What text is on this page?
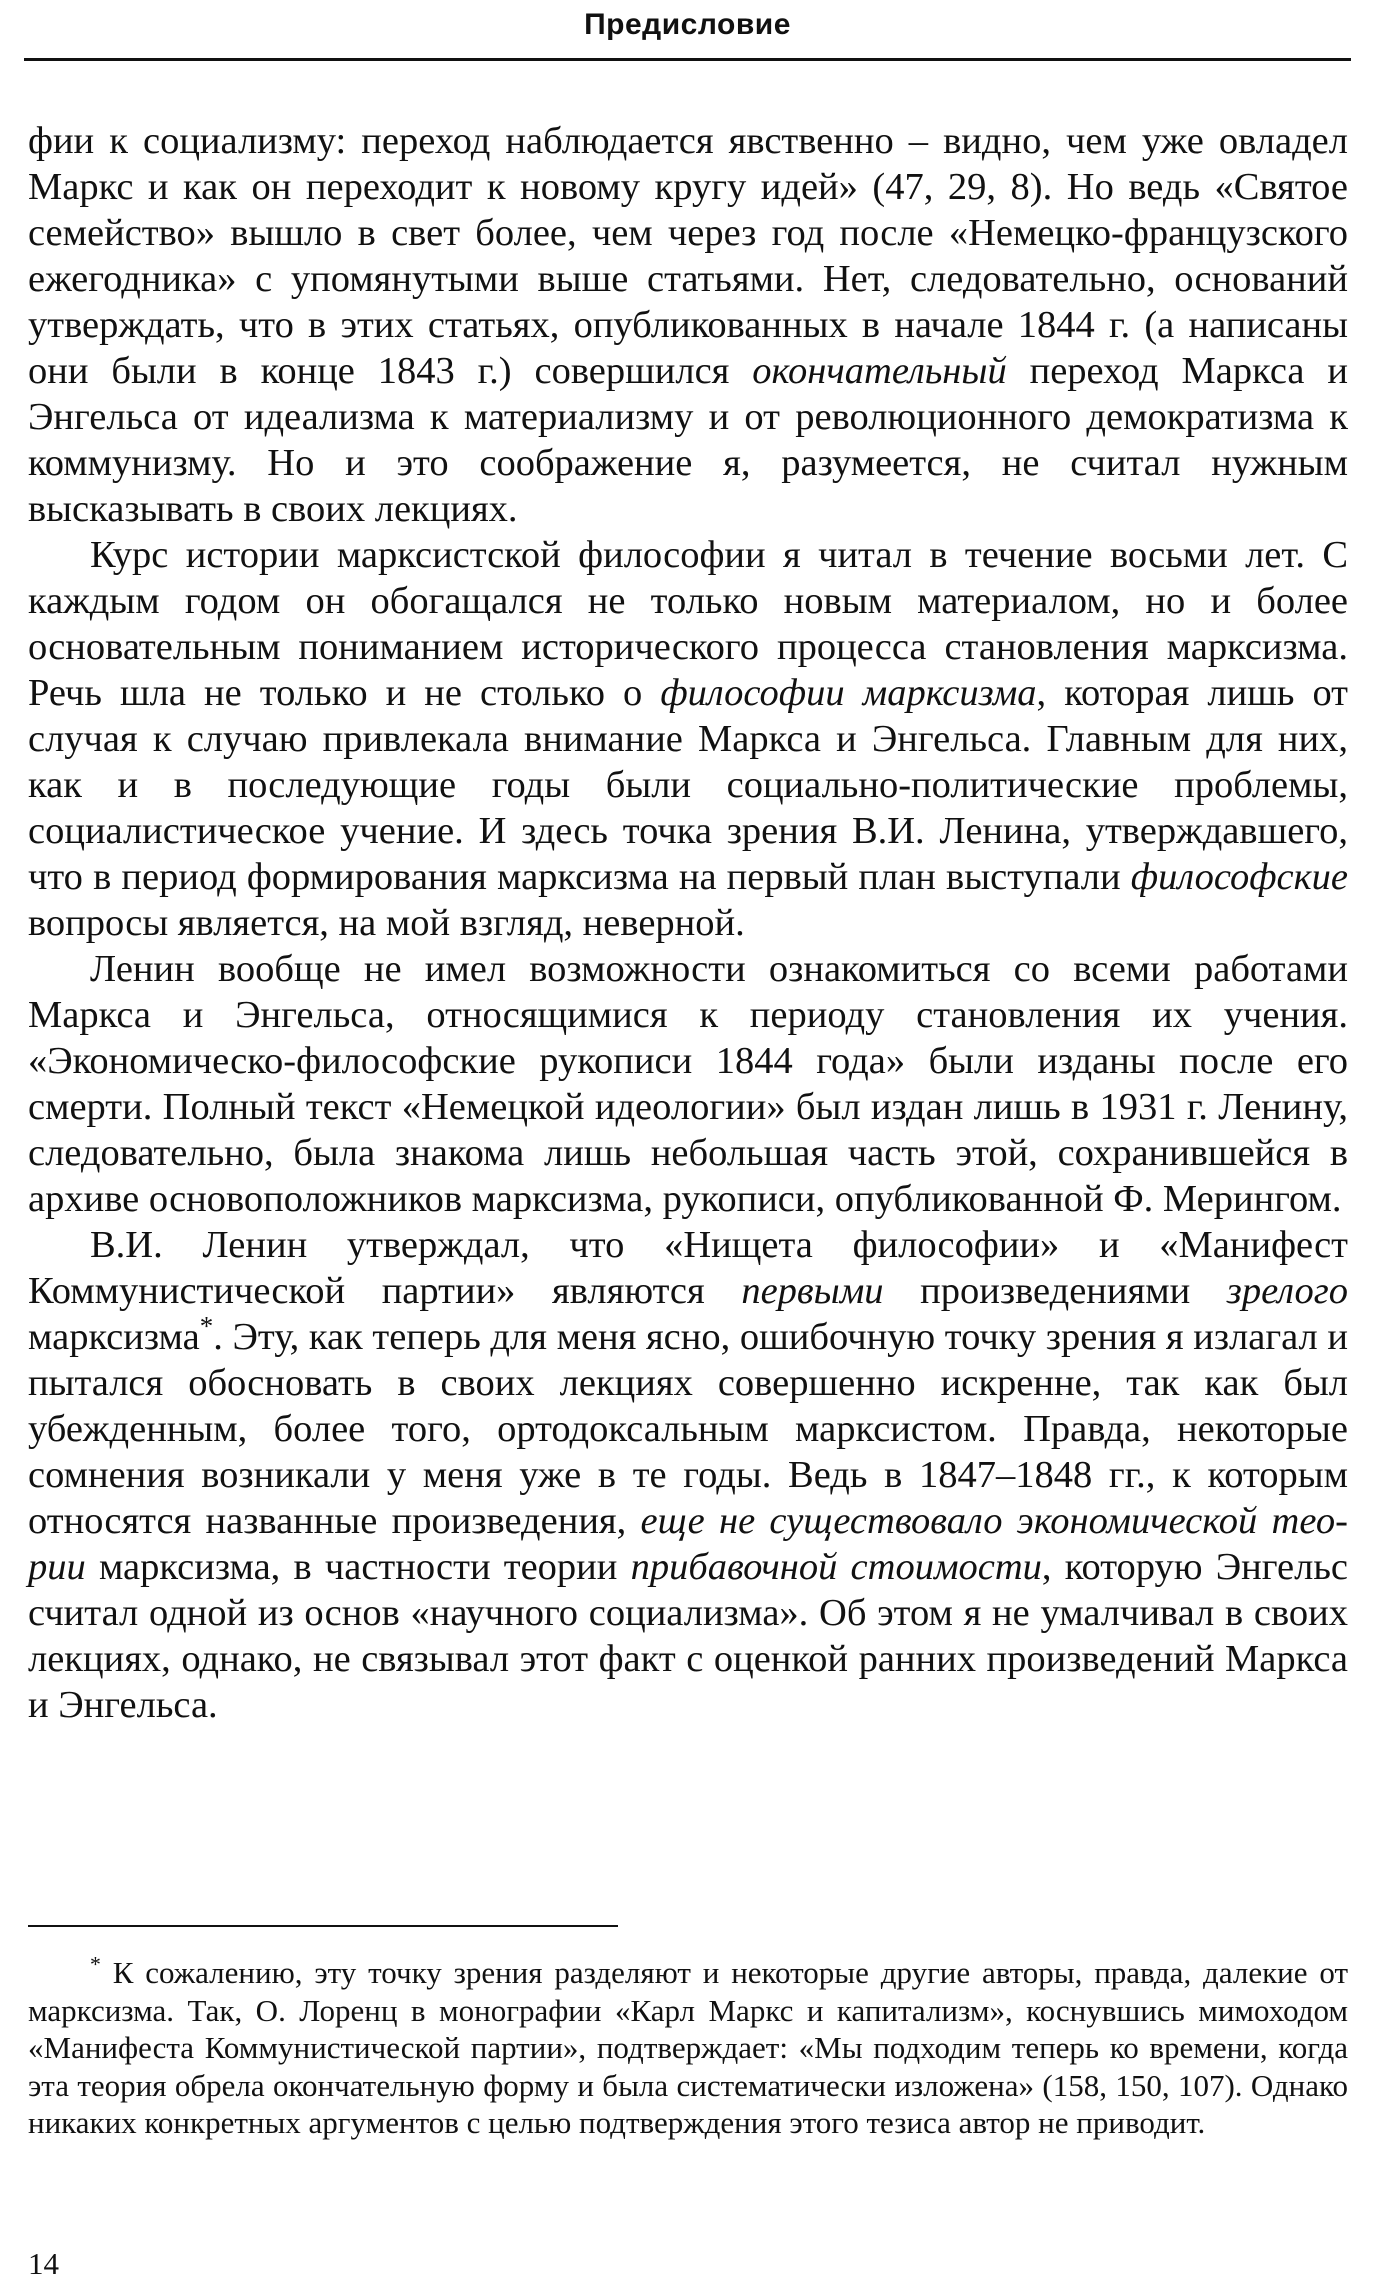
Предисловие

фии к социализму: переход наблюдается явственно – видно, чем уже овладел Маркс и как он переходит к новому кругу идей» (47, 29, 8). Но ведь «Святое семейство» вышло в свет более, чем через год после «Немецко-французского ежегодника» с упомянутыми выше статьями. Нет, следовательно, оснований утверждать, что в этих статьях, опубликованных в начале 1844 г. (а написаны они были в конце 1843 г.) совершился окончательный переход Маркса и Энгельса от идеализма к материализму и от революционного демократизма к коммунизму. Но и это соображение я, разумеется, не считал нужным высказывать в своих лекциях.

Курс истории марксистской философии я читал в течение восьми лет. С каждым годом он обогащался не только новым материалом, но и более основательным пониманием исторического процесса становления марксизма. Речь шла не только и не столько о философии марксизма, которая лишь от случая к случаю привлекала внимание Маркса и Энгельса. Главным для них, как и в последующие годы были социально-политические проблемы, социалистическое учение. И здесь точка зрения В.И. Ленина, утверждавшего, что в период формирования марксизма на первый план выступали философские вопросы является, на мой взгляд, неверной.

Ленин вообще не имел возможности ознакомиться со всеми работами Маркса и Энгельса, относящимися к периоду становления их учения. «Экономическо-философские рукописи 1844 года» были изданы после его смерти. Полный текст «Немецкой идеологии» был издан лишь в 1931 г. Ленину, следовательно, была знакома лишь небольшая часть этой, сохранившейся в архиве основоположников марксизма, рукописи, опубликованной Ф. Мерингом.

В.И. Ленин утверждал, что «Нищета философии» и «Манифест Коммунистической партии» являются первыми произведениями зрелого марксизма*. Эту, как теперь для меня ясно, ошибочную точку зрения я излагал и пытался обосновать в своих лекциях совершенно искренне, так как был убежденным, более того, ортодоксальным марксистом. Правда, некоторые сомнения возникали у меня уже в те годы. Ведь в 1847–1848 гг., к которым относятся названные произведения, еще не существовало экономической теории марксизма, в частности теории прибавочной стоимости, которую Энгельс считал одной из основ «научного социализма». Об этом я не умалчивал в своих лекциях, однако, не связывал этот факт с оценкой ранних произведений Маркса и Энгельса.

* К сожалению, эту точку зрения разделяют и некоторые другие авторы, правда, далекие от марксизма. Так, О. Лоренц в монографии «Карл Маркс и капитализм», коснувшись мимоходом «Манифеста Коммунистической партии», подтверждает: «Мы подходим теперь ко времени, когда эта теория обрела окончательную форму и была систематически изложена» (158, 150, 107). Однако никаких конкретных аргументов с целью подтверждения этого тезиса автор не приводит.

14
